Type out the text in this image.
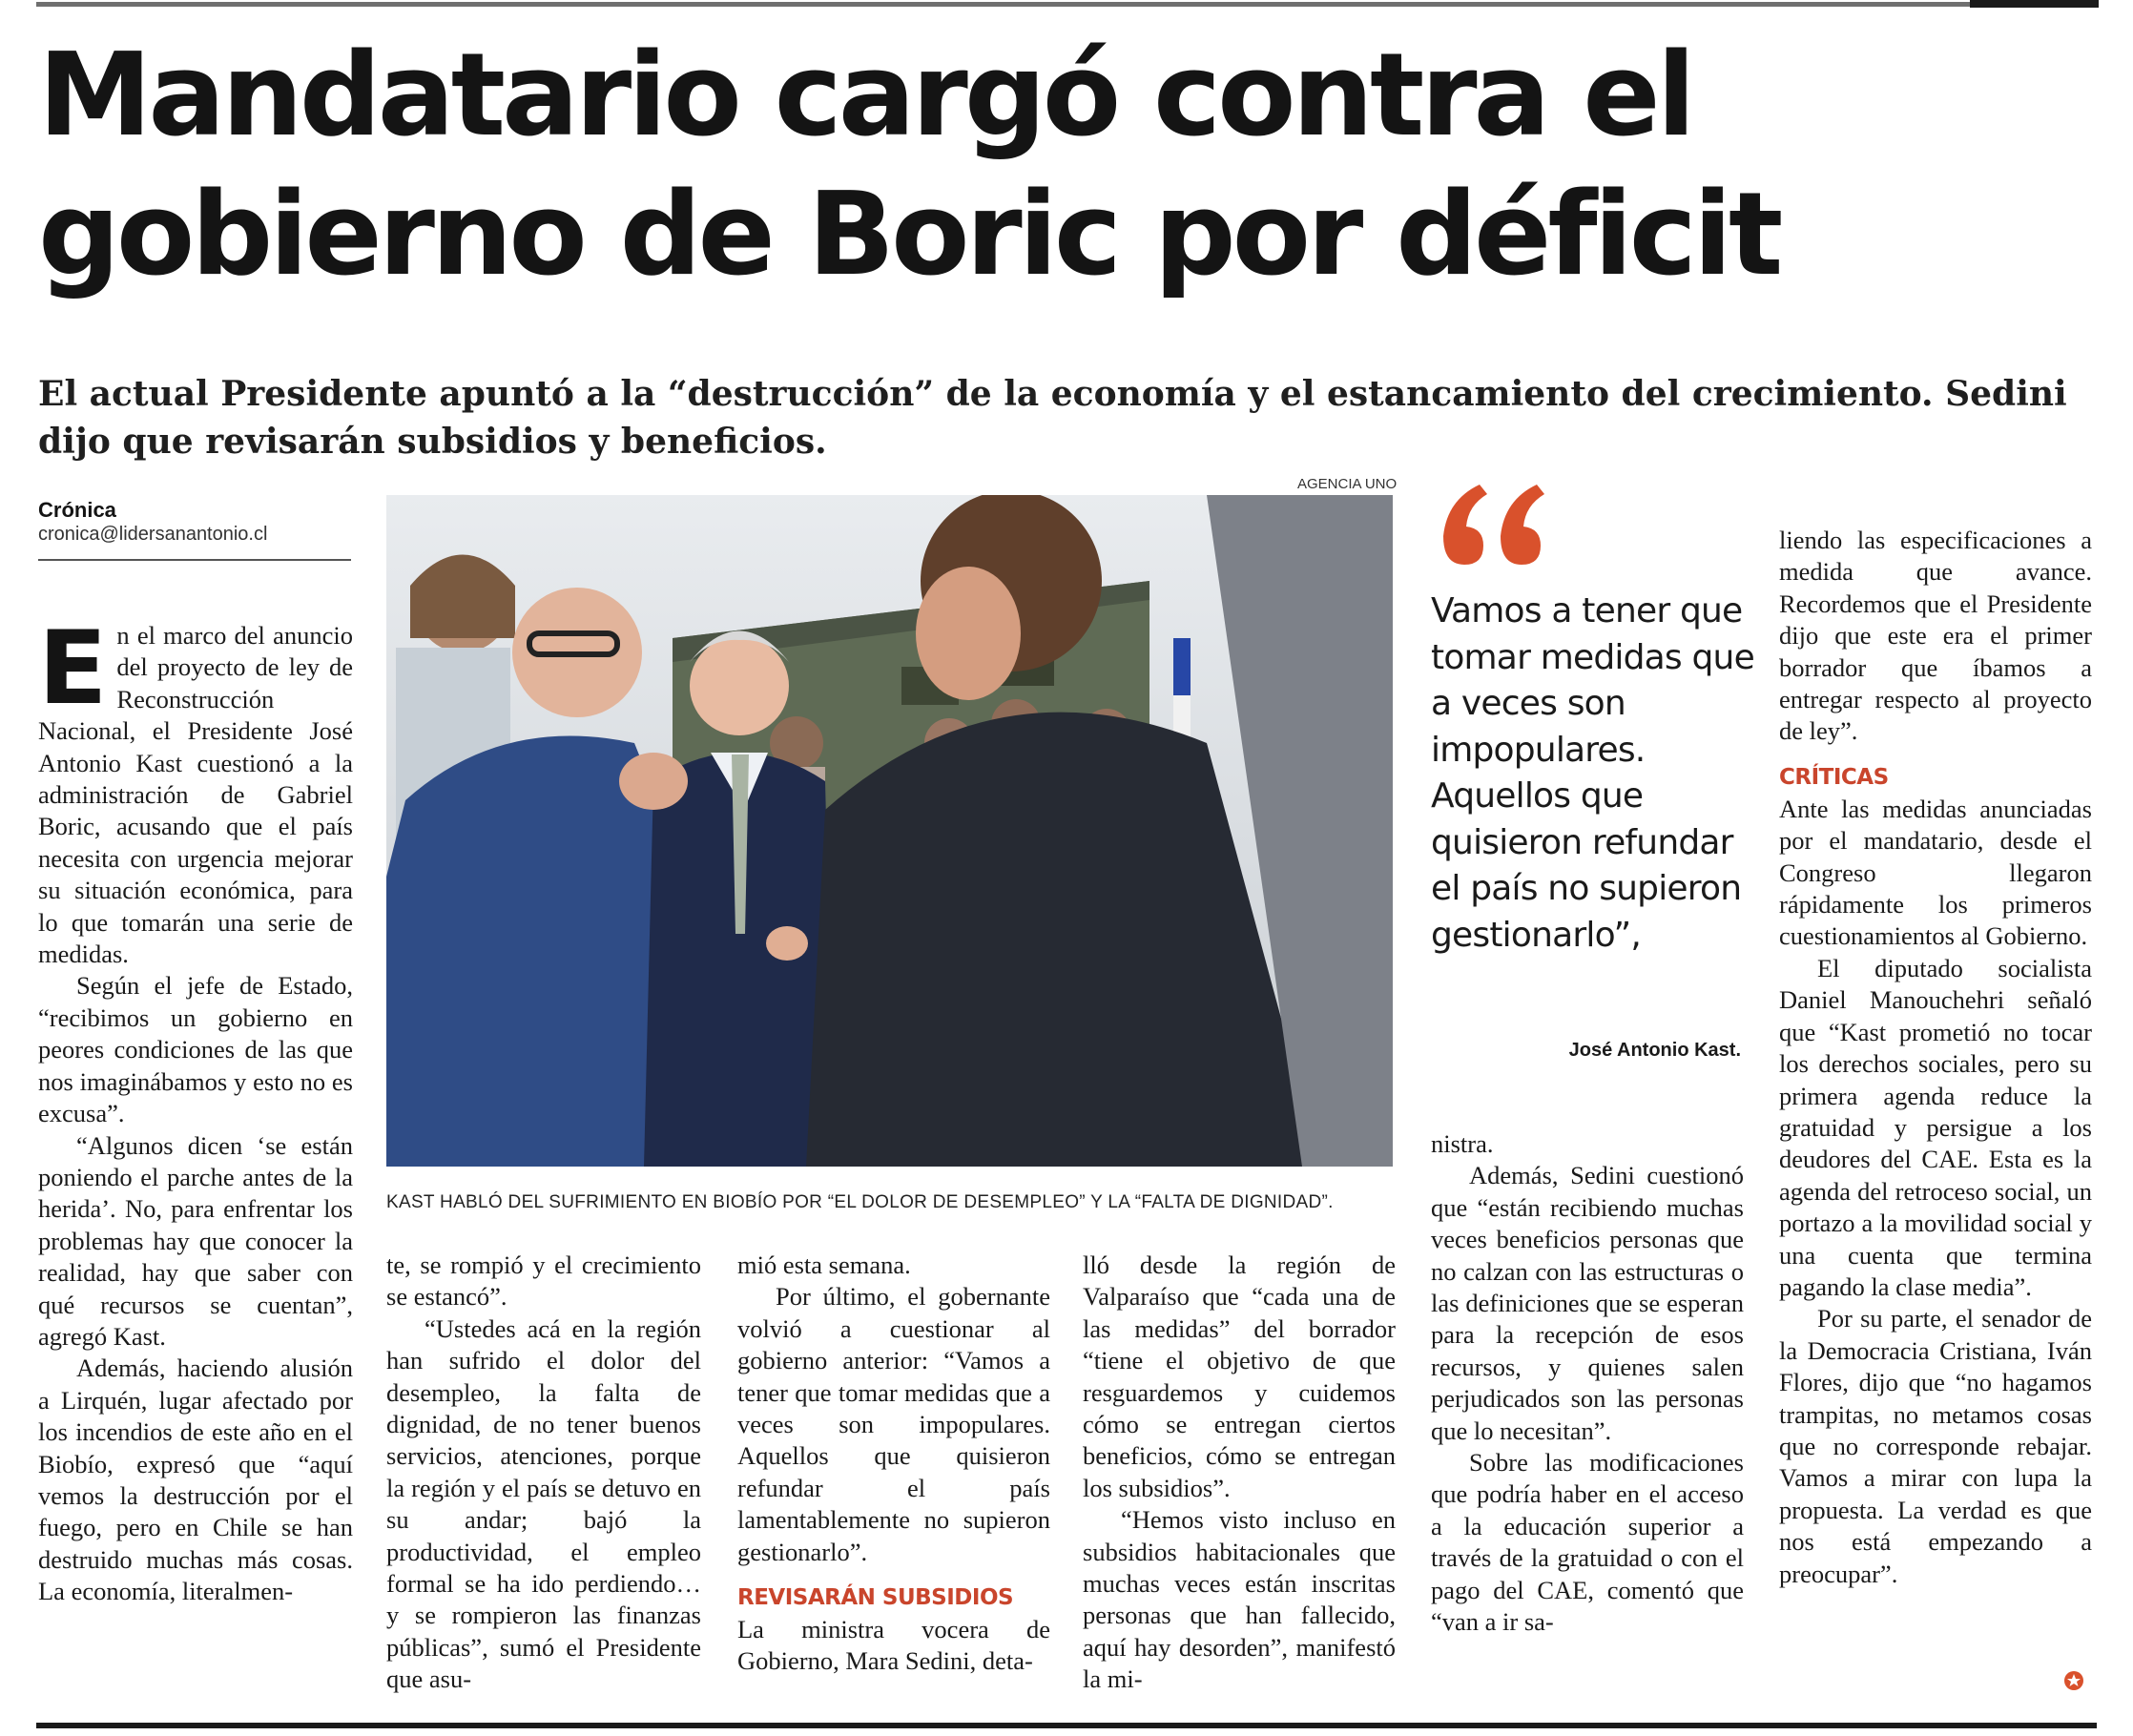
Mandatario cargó contra el gobierno de Boric por déficit

El actual Presidente apuntó a la “destrucción” de la economía y el estancamiento del crecimiento. Sedini dijo que revisarán subsidios y beneficios.

Crónica
cronica@lidersanantonio.cl
E n el marco del anuncio del proyecto de ley de Reconstrucción Nacional, el Presidente José Antonio Kast cuestionó a la administración de Gabriel Boric, acusando que el país necesita con urgencia mejorar su situación económica, para lo que tomarán una serie de medidas.

Según el jefe de Estado, “recibimos un gobierno en peores condiciones de las que nos imaginábamos y esto no es excusa”.

“Algunos dicen ‘se están poniendo el parche antes de la herida’. No, para enfrentar los problemas hay que conocer la realidad, hay que saber con qué recursos se cuentan”, agregó Kast.

Además, haciendo alusión a Lirquén, lugar afectado por los incendios de este año en el Biobío, expresó que “aquí vemos la destrucción por el fuego, pero en Chile se han destruido muchas más cosas. La economía, literalmen-

AGENCIA UNO
KAST HABLÓ DEL SUFRIMIENTO EN BIOBÍO POR “EL DOLOR DE DESEMPLEO” Y LA “FALTA DE DIGNIDAD”.

te, se rompió y el crecimiento se estancó”.

“Ustedes acá en la región han sufrido el dolor del desempleo, la falta de dignidad, de no tener buenos servicios, atenciones, porque la región y el país se detuvo en su andar; bajó la productividad, el empleo formal se ha ido perdiendo… y se rompieron las finanzas públicas”, sumó el Presidente que asu-

mió esta semana.

Por último, el gobernante volvió a cuestionar al gobierno anterior: “Vamos a tener que tomar medidas que a veces son impopulares. Aquellos que quisieron refundar el país lamentablemente no supieron gestionarlo”.

REVISARÁN SUBSIDIOS

La ministra vocera de Gobierno, Mara Sedini, deta-

lló desde la región de Valparaíso que “cada una de las medidas” del borrador “tiene el objetivo de que resguardemos y cuidemos cómo se entregan ciertos beneficios, cómo se entregan los subsidios”.

“Hemos visto incluso en subsidios habitacionales que muchas veces están inscritas personas que han fallecido, aquí hay desorden”, manifestó la mi-

Vamos a tener que tomar medidas que a veces son impopulares. Aquellos que quisieron refundar el país no supieron gestionarlo”,
José Antonio Kast.

nistra.

Además, Sedini cuestionó que “están recibiendo muchas veces beneficios personas que no calzan con las estructuras o las definiciones que se esperan para la recepción de esos recursos, y quienes salen perjudicados son las personas que lo necesitan”.

Sobre las modificaciones que podría haber en el acceso a la educación superior a través de la gratuidad o con el pago del CAE, comentó que “van a ir sa-

liendo las especificaciones a medida que avance. Recordemos que el Presidente dijo que este era el primer borrador que íbamos a entregar respecto al proyecto de ley”.

CRÍTICAS

Ante las medidas anunciadas por el mandatario, desde el Congreso llegaron rápidamente los primeros cuestionamientos al Gobierno.

El diputado socialista Daniel Manouchehri señaló que “Kast prometió no tocar los derechos sociales, pero su primera agenda reduce la gratuidad y persigue a los deudores del CAE. Esta es la agenda del retroceso social, un portazo a la movilidad social y una cuenta que termina pagando la clase media”.

Por su parte, el senador de la Democracia Cristiana, Iván Flores, dijo que “no hagamos trampitas, no metamos cosas que no corresponde rebajar. Vamos a mirar con lupa la propuesta. La verdad es que nos está empezando a preocupar”.
